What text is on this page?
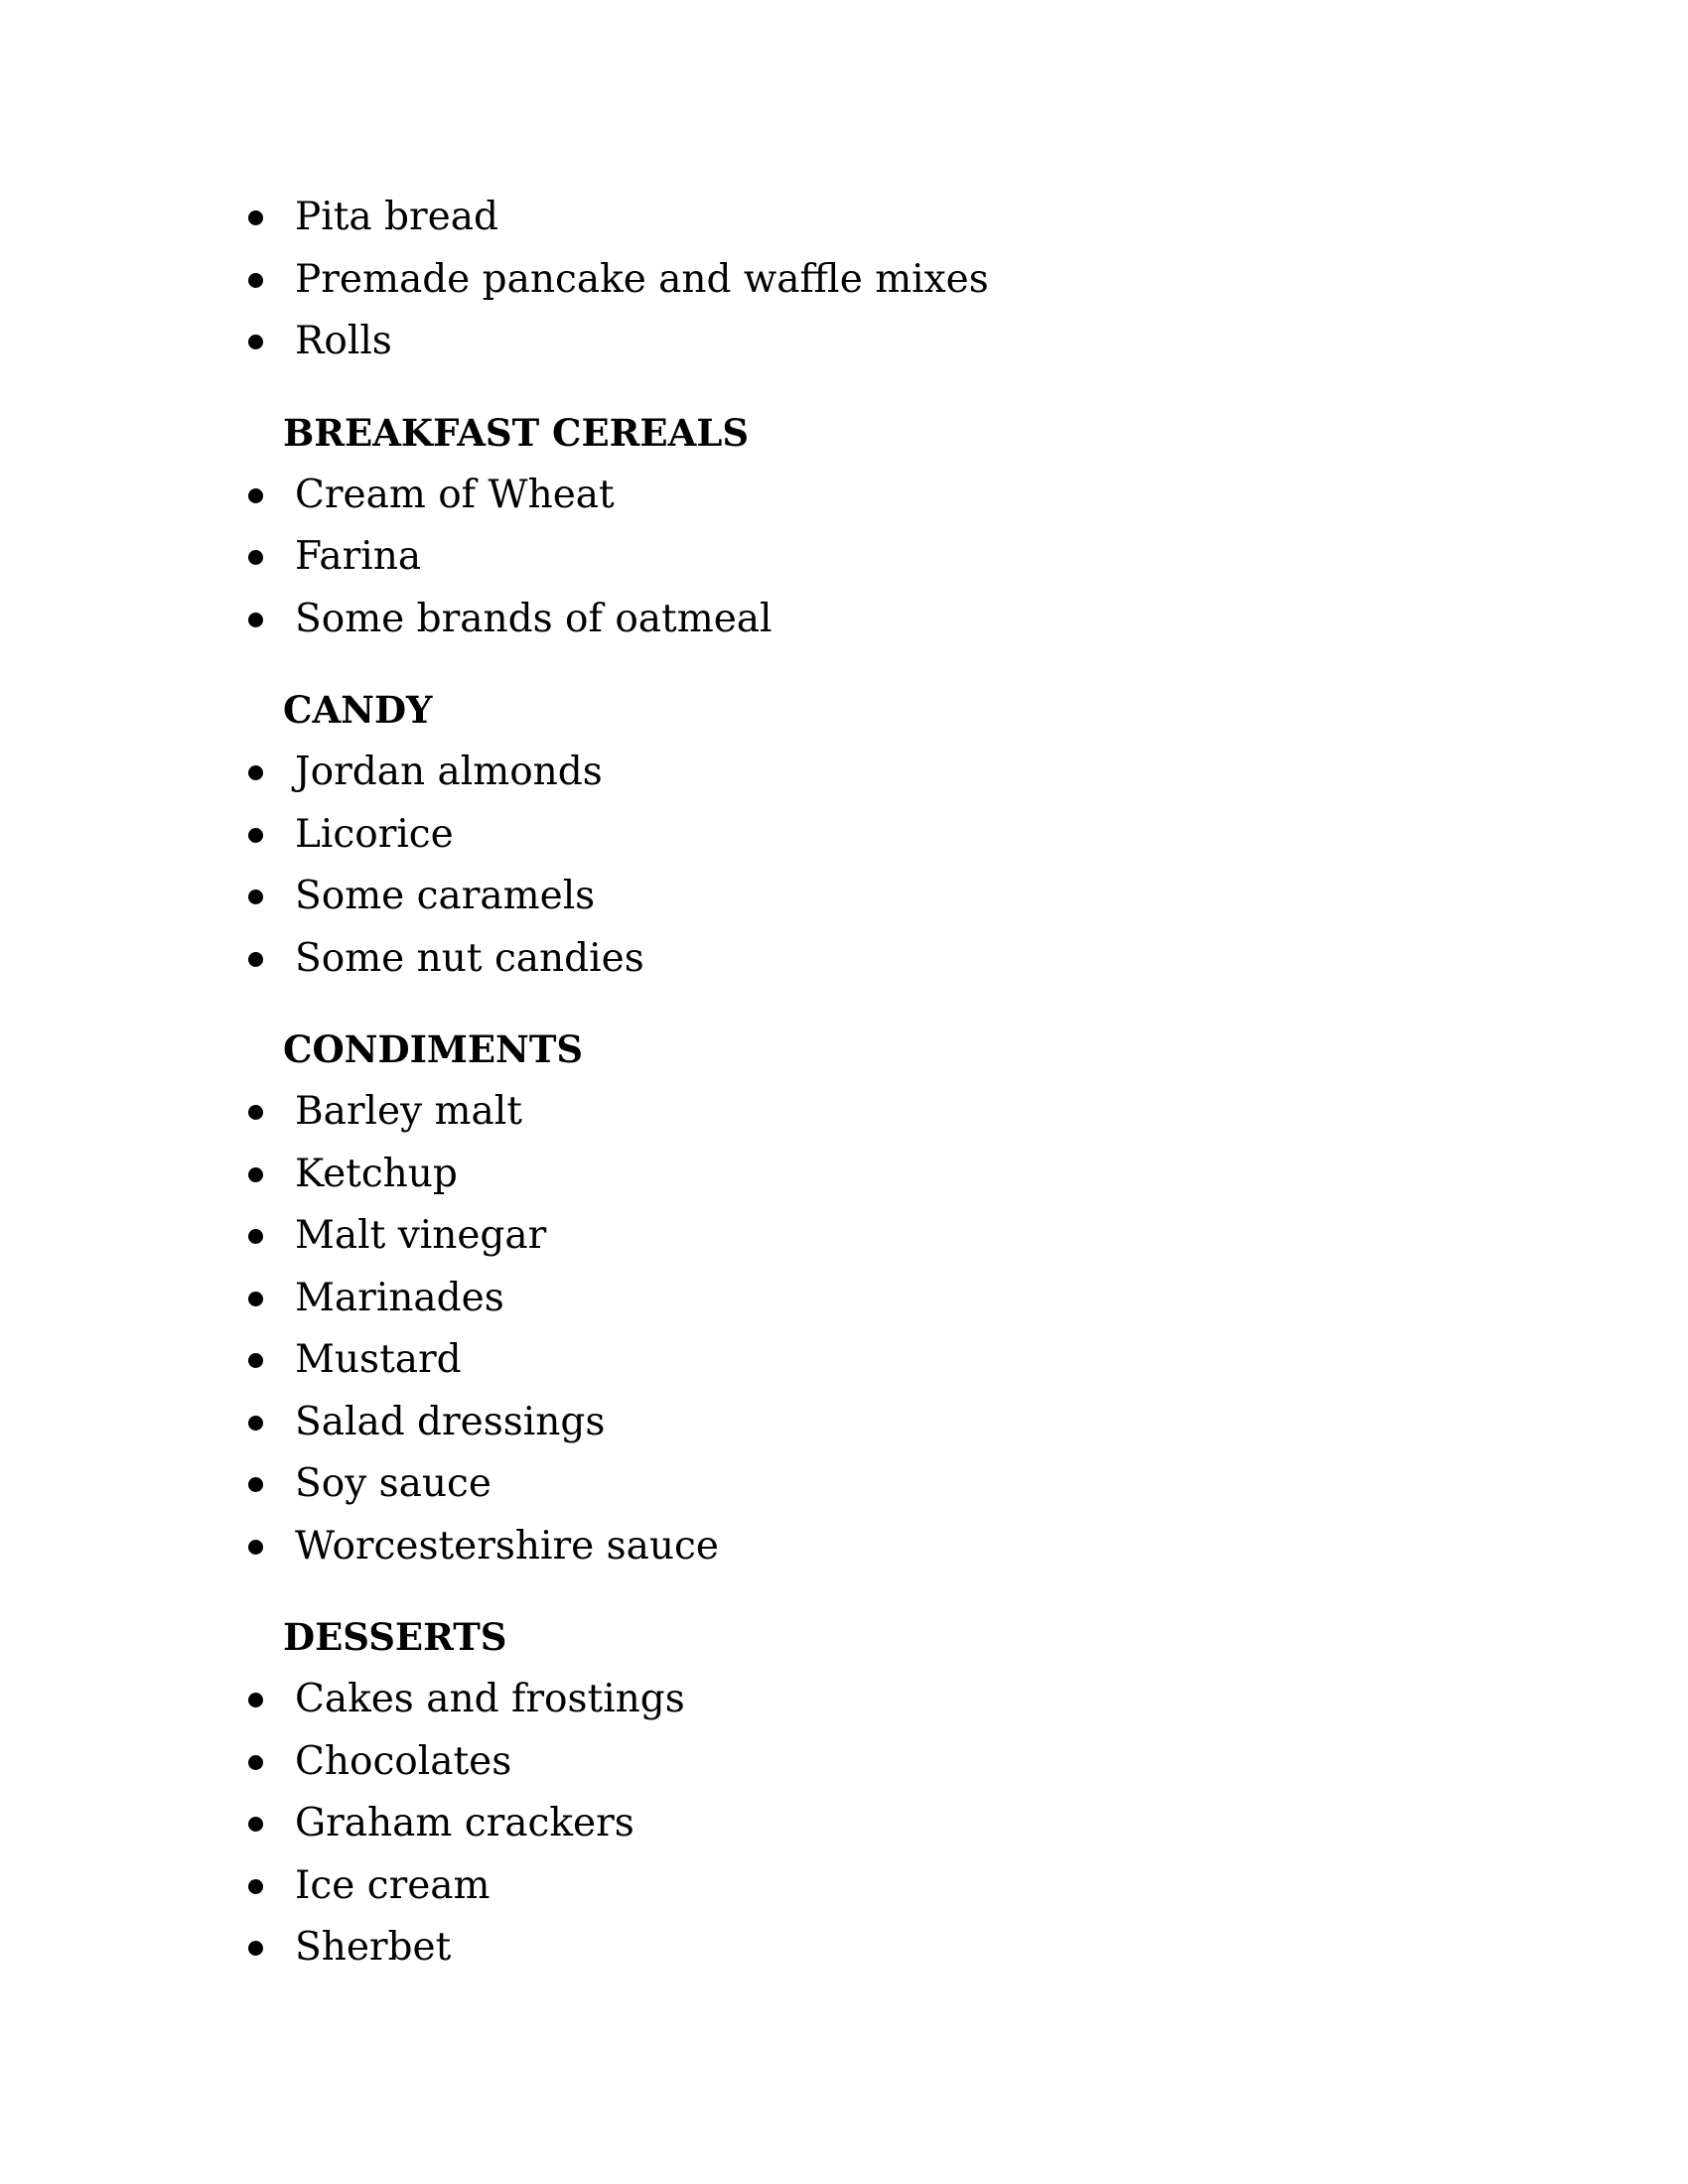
Pita bread
Premade pancake and waffle mixes
Rolls
BREAKFAST CEREALS
Cream of Wheat
Farina
Some brands of oatmeal
CANDY
Jordan almonds
Licorice
Some caramels
Some nut candies
CONDIMENTS
Barley malt
Ketchup
Malt vinegar
Marinades
Mustard
Salad dressings
Soy sauce
Worcestershire sauce
DESSERTS
Cakes and frostings
Chocolates
Graham crackers
Ice cream
Sherbet
